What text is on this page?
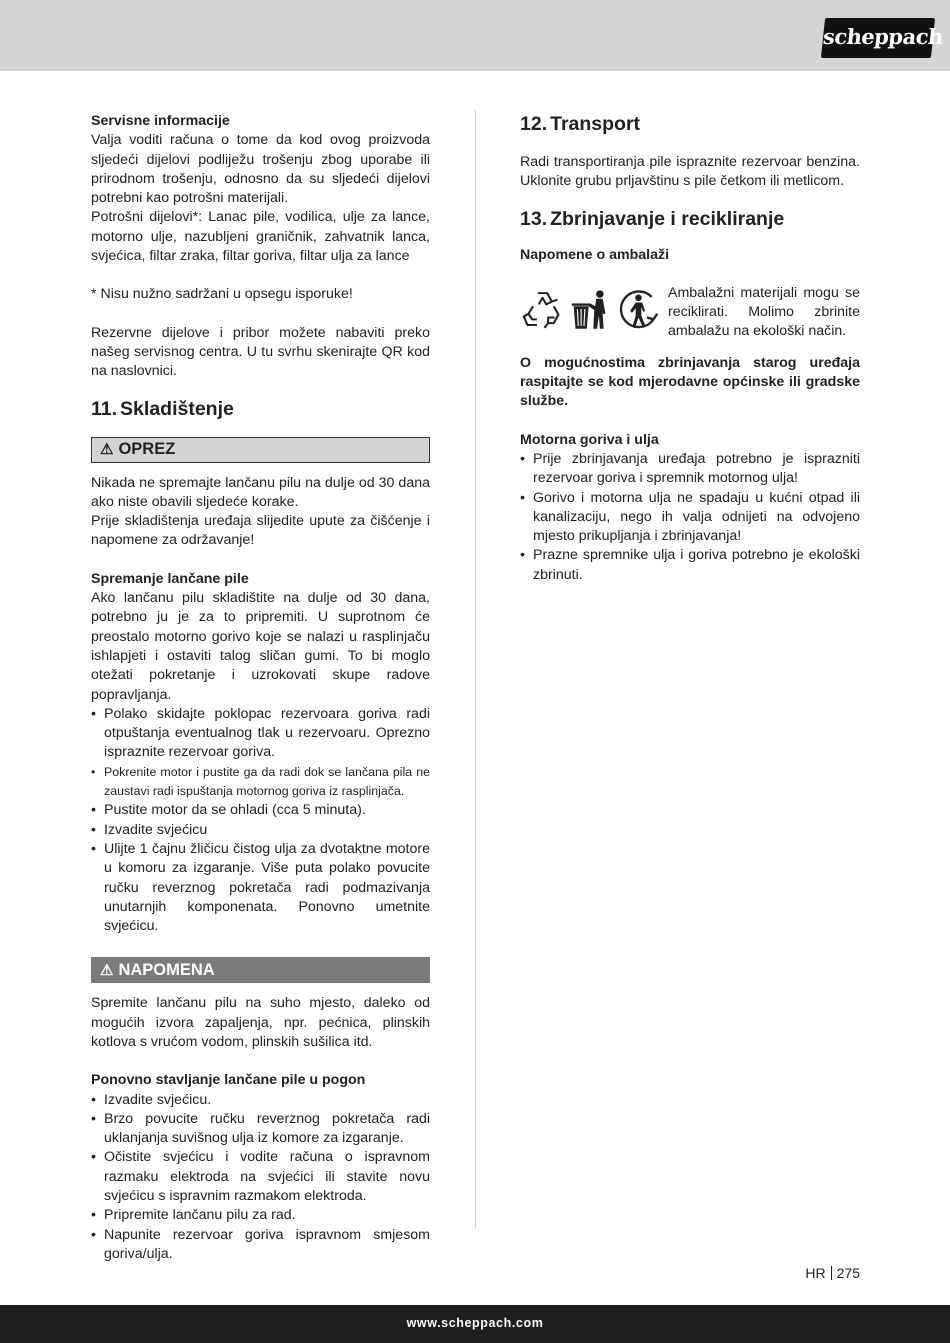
scheppach

Servisne informacije

Valja voditi računa o tome da kod ovog proizvoda sljedeći dijelovi podliježu trošenju zbog uporabe ili prirodnom trošenju, odnosno da su sljedeći dijelovi potrebni kao potrošni materijali.

Potrošni dijelovi*: Lanac pile, vodilica, ulje za lance, motorno ulje, nazubljeni graničnik, zahvatnik lanca, svjećica, filtar zraka, filtar goriva, filtar ulja za lance

* Nisu nužno sadržani u opsegu isporuke!

Rezervne dijelove i pribor možete nabaviti preko našeg servisnog centra. U tu svrhu skenirajte QR kod na naslovnici.

11. Skladištenje
⚠ OPREZ

Nikada ne spremajte lančanu pilu na dulje od 30 dana ako niste obavili sljedeće korake.

Prije skladištenja uređaja slijedite upute za čišćenje i napomene za održavanje!

Spremanje lančane pile

Ako lančanu pilu skladištite na dulje od 30 dana, potrebno ju je za to pripremiti. U suprotnom će preostalo motorno gorivo koje se nalazi u rasplinjaču ishlapjeti i ostaviti talog sličan gumi. To bi moglo otežati pokretanje i uzrokovati skupe radove popravljanja.

• Polako skidajte poklopac rezervoara goriva radi otpuštanja eventualnog tlak u rezervoaru. Oprezno ispraznite rezervoar goriva.
• Pokrenite motor i pustite ga da radi dok se lančana pila ne zaustavi radi ispuštanja motornog goriva iz rasplinjača.
• Pustite motor da se ohladi (cca 5 minuta).
• Izvadite svjećicu
• Ulijte 1 čajnu žličicu čistog ulja za dvotaktne motore u komoru za izgaranje. Više puta polako povucite ručku reverznog pokretača radi podmazivanja unutarnjih komponenata. Ponovno umetnite svjećicu.
⚠ NAPOMENA

Spremite lančanu pilu na suho mjesto, daleko od mogućih izvora zapaljenja, npr. pećnica, plinskih kotlova s vrućom vodom, plinskih sušilica itd.

Ponovno stavljanje lančane pile u pogon

• Izvadite svjećicu.
• Brzo povucite ručku reverznog pokretača radi uklanjanja suvišnog ulja iz komore za izgaranje.
• Očistite svjećicu i vodite računa o ispravnom razmaku elektroda na svjećici ili stavite novu svjećicu s ispravnim razmakom elektroda.
• Pripremite lančanu pilu za rad.
• Napunite rezervoar goriva ispravnom smjesom goriva/ulja.
12. Transport

Radi transportiranja pile ispraznite rezervoar benzina. Uklonite grubu prljavštinu s pile četkom ili metlicom.

13. Zbrinjavanje i recikliranje

Napomene o ambalaži

Ambalažni materijali mogu se reciklirati. Molimo zbrinite ambalažu na ekološki način.

O mogućnostima zbrinjavanja starog uređaja raspitajte se kod mjerodavne općinske ili gradske službe.

Motorna goriva i ulja

• Prije zbrinjavanja uređaja potrebno je isprazniti rezervoar goriva i spremnik motornog ulja!
• Gorivo i motorna ulja ne spadaju u kućni otpad ili kanalizaciju, nego ih valja odnijeti na odvojeno mjesto prikupljanja i zbrinjavanja!
• Prazne spremnike ulja i goriva potrebno je ekološki zbrinuti.
HR 275
www.scheppach.com
